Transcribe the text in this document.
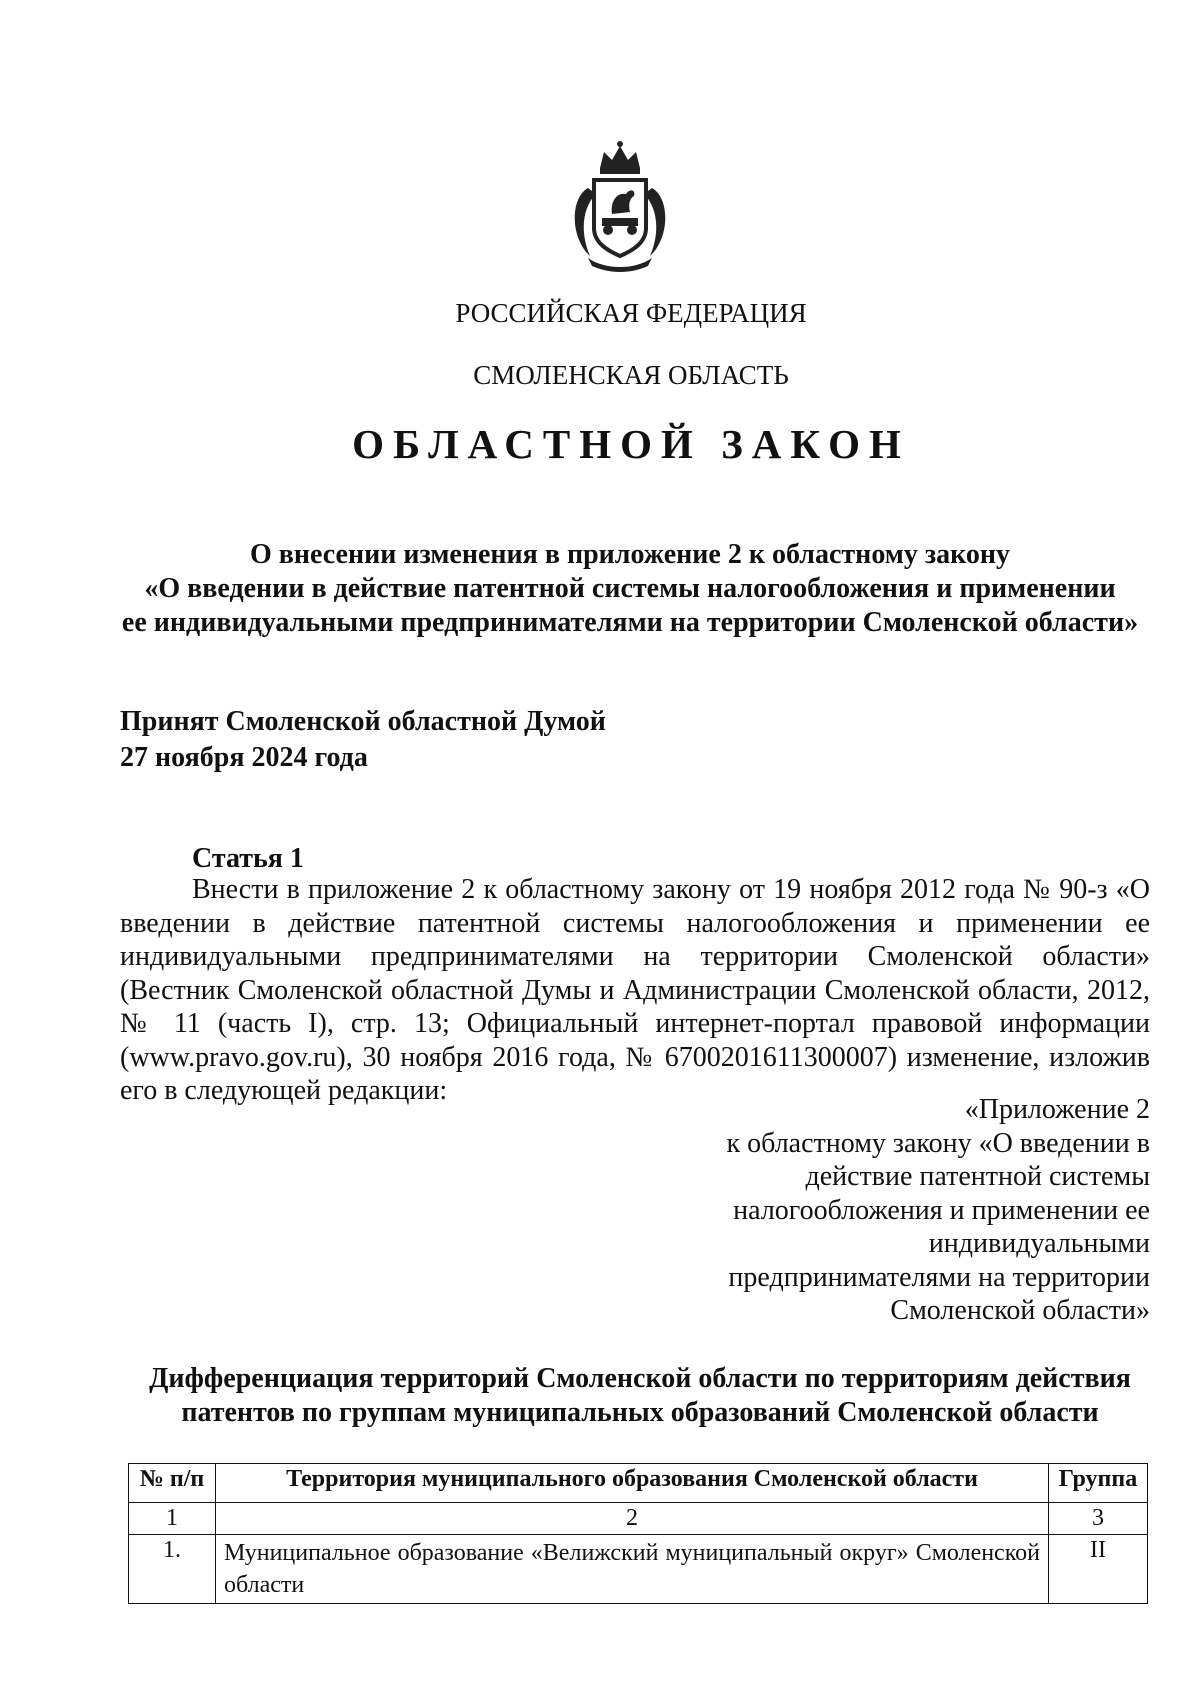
РОССИЙСКАЯ ФЕДЕРАЦИЯ
СМОЛЕНСКАЯ ОБЛАСТЬ
ОБЛАСТНОЙ ЗАКОН
О внесении изменения в приложение 2 к областному закону
«О введении в действие патентной системы налогообложения и применении
ее индивидуальными предпринимателями на территории Смоленской области»
Принят Смоленской областной Думой
27 ноября 2024 года
Статья 1

Внести в приложение 2 к областному закону от 19 ноября 2012 года № 90-з «О введении в действие патентной системы налогообложения и применении ее индивидуальными предпринимателями на территории Смоленской области» (Вестник Смоленской областной Думы и Администрации Смоленской области, 2012, № 11 (часть I), стр. 13; Официальный интернет-портал правовой информации (www.pravo.gov.ru), 30 ноября 2016 года, № 6700201611300007) изменение, изложив его в следующей редакции:

«Приложение 2
к областному закону «О введении в
действие патентной системы
налогообложения и применении ее
индивидуальными
предпринимателями на территории
Смоленской области»
Дифференциация территорий Смоленской области по территориям действия
патентов по группам муниципальных образований Смоленской области
№ п/п	Территория муниципального образования Смоленской области	Группа
1	2	3
1.	Муниципальное образование «Велижский муниципальный округ» Смоленской области	II
